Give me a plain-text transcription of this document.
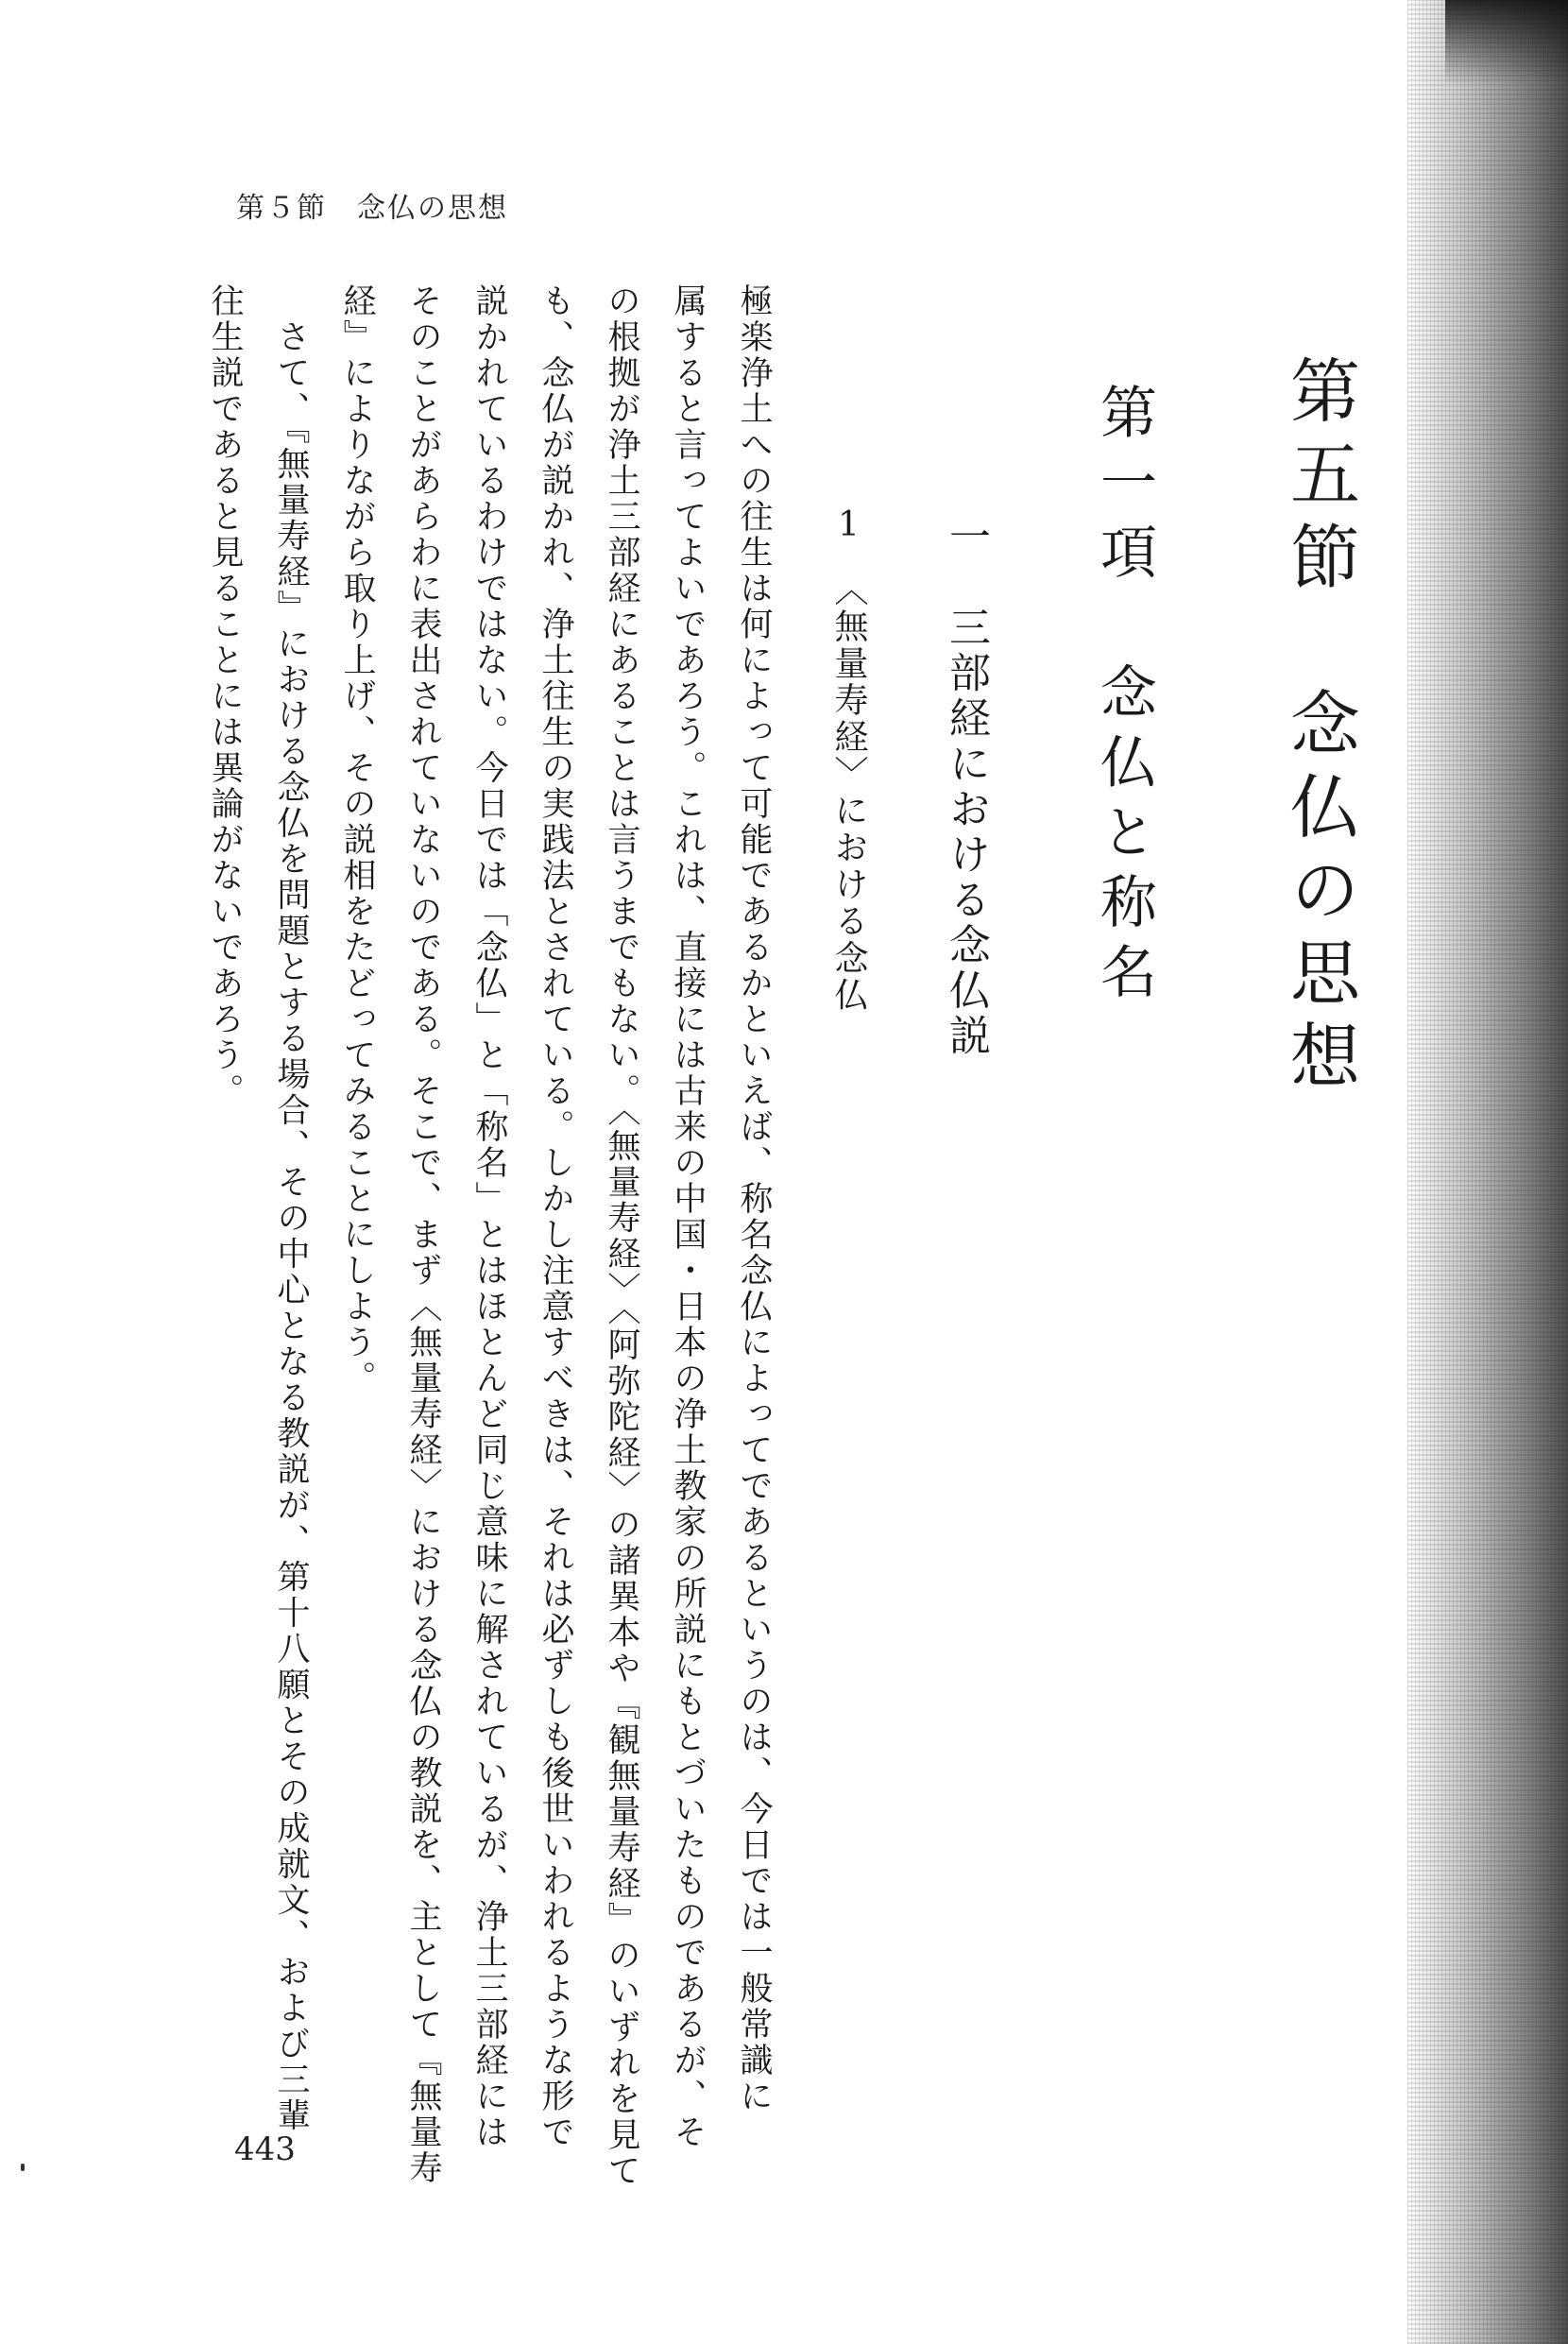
第５節　念仏の思想
第五節　念仏の思想
第一項　念仏と称名
一　三部経における念仏説
1〈無量寿経〉における念仏
極楽浄土への往生は何によって可能であるかといえば、称名念仏によってであるというのは、今日では一般常識に
属すると言ってよいであろう。これは、直接には古来の中国・日本の浄土教家の所説にもとづいたものであるが、そ
の根拠が浄土三部経にあることは言うまでもない。〈無量寿経〉〈阿弥陀経〉の諸異本や『観無量寿経』のいずれを見て
も、念仏が説かれ、浄土往生の実践法とされている。しかし注意すべきは、それは必ずしも後世いわれるような形で
説かれているわけではない。今日では「念仏」と「称名」とはほとんど同じ意味に解されているが、浄土三部経には
そのことがあらわに表出されていないのである。そこで、まず〈無量寿経〉における念仏の教説を、主として『無量寿
経』によりながら取り上げ、その説相をたどってみることにしよう。
　さて、『無量寿経』における念仏を問題とする場合、その中心となる教説が、第十八願とその成就文、および三輩
往生説であると見ることには異論がないであろう。
443
